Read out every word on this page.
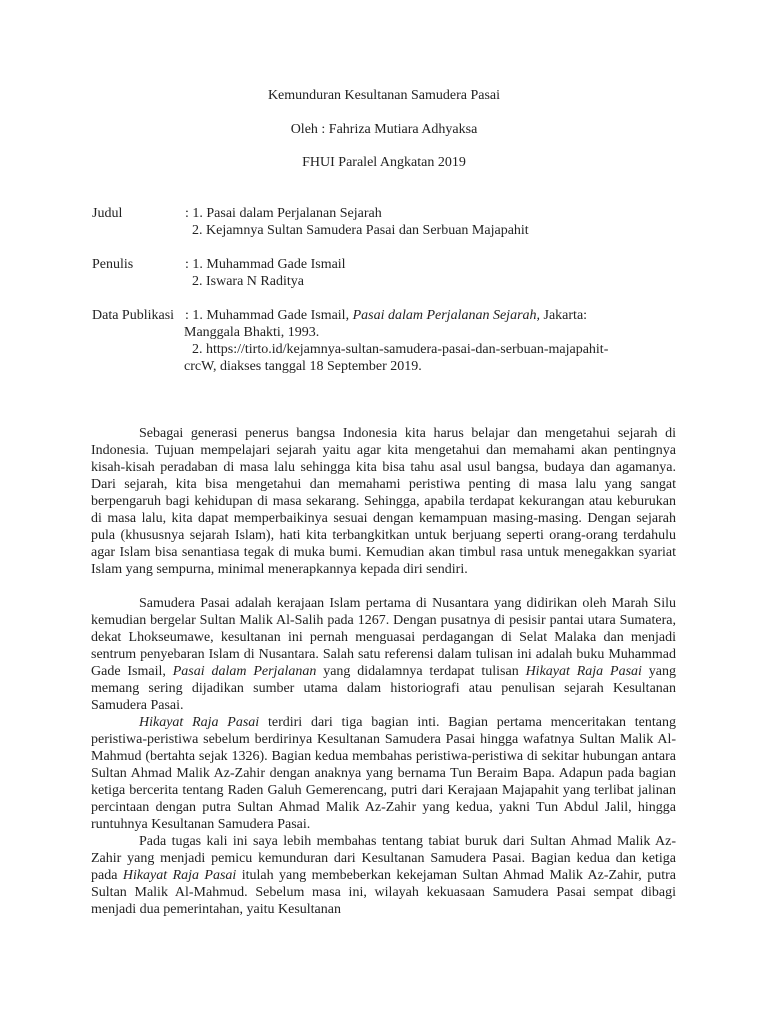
Kemunduran Kesultanan Samudera Pasai
Oleh : Fahriza Mutiara Adhyaksa
FHUI Paralel Angkatan 2019
Judul	: 1. Pasai dalam Perjalanan Sejarah
2. Kejamnya Sultan Samudera Pasai dan Serbuan Majapahit
Penulis	: 1. Muhammad Gade Ismail
2. Iswara N Raditya
Data Publikasi : 1. Muhammad Gade Ismail, Pasai dalam Perjalanan Sejarah, Jakarta:
Manggala Bhakti, 1993.
2. https://tirto.id/kejamnya-sultan-samudera-pasai-dan-serbuan-majapahit-
crcW, diakses tanggal 18 September 2019.

Sebagai generasi penerus bangsa Indonesia kita harus belajar dan mengetahui sejarah di Indonesia. Tujuan mempelajari sejarah yaitu agar kita mengetahui dan memahami akan pentingnya kisah-kisah peradaban di masa lalu sehingga kita bisa tahu asal usul bangsa, budaya dan agamanya. Dari sejarah, kita bisa mengetahui dan memahami peristiwa penting di masa lalu yang sangat berpengaruh bagi kehidupan di masa sekarang. Sehingga, apabila terdapat kekurangan atau keburukan di masa lalu, kita dapat memperbaikinya sesuai dengan kemampuan masing-masing. Dengan sejarah pula (khususnya sejarah Islam), hati kita terbangkitkan untuk berjuang seperti orang-orang terdahulu agar Islam bisa senantiasa tegak di muka bumi. Kemudian akan timbul rasa untuk menegakkan syariat Islam yang sempurna, minimal menerapkannya kepada diri sendiri.

Samudera Pasai adalah kerajaan Islam pertama di Nusantara yang didirikan oleh Marah Silu kemudian bergelar Sultan Malik Al-Salih pada 1267. Dengan pusatnya di pesisir pantai utara Sumatera, dekat Lhokseumawe, kesultanan ini pernah menguasai perdagangan di Selat Malaka dan menjadi sentrum penyebaran Islam di Nusantara. Salah satu referensi dalam tulisan ini adalah buku Muhammad Gade Ismail, Pasai dalam Perjalanan yang didalamnya terdapat tulisan Hikayat Raja Pasai yang memang sering dijadikan sumber utama dalam historiografi atau penulisan sejarah Kesultanan Samudera Pasai.

Hikayat Raja Pasai terdiri dari tiga bagian inti. Bagian pertama menceritakan tentang peristiwa-peristiwa sebelum berdirinya Kesultanan Samudera Pasai hingga wafatnya Sultan Malik Al-Mahmud (bertahta sejak 1326). Bagian kedua membahas peristiwa-peristiwa di sekitar hubungan antara Sultan Ahmad Malik Az-Zahir dengan anaknya yang bernama Tun Beraim Bapa. Adapun pada bagian ketiga bercerita tentang Raden Galuh Gemerencang, putri dari Kerajaan Majapahit yang terlibat jalinan percintaan dengan putra Sultan Ahmad Malik Az-Zahir yang kedua, yakni Tun Abdul Jalil, hingga runtuhnya Kesultanan Samudera Pasai.

Pada tugas kali ini saya lebih membahas tentang tabiat buruk dari Sultan Ahmad Malik Az-Zahir yang menjadi pemicu kemunduran dari Kesultanan Samudera Pasai. Bagian kedua dan ketiga pada Hikayat Raja Pasai itulah yang membeberkan kekejaman Sultan Ahmad Malik Az-Zahir, putra Sultan Malik Al-Mahmud. Sebelum masa ini, wilayah kekuasaan Samudera Pasai sempat dibagi menjadi dua pemerintahan, yaitu Kesultanan
